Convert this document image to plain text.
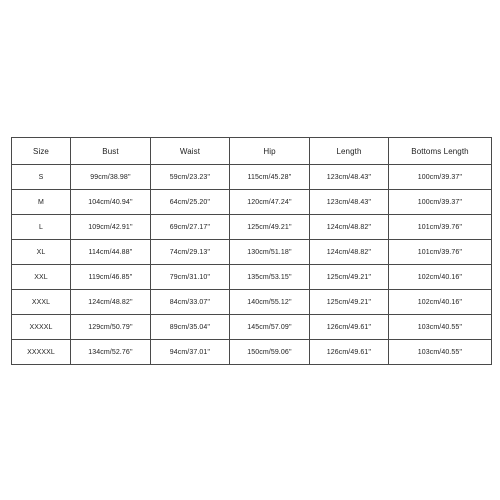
Size	Bust	Waist	Hip	Length	Bottoms Length
S	99cm/38.98''	59cm/23.23''	115cm/45.28''	123cm/48.43''	100cm/39.37''
M	104cm/40.94''	64cm/25.20''	120cm/47.24''	123cm/48.43''	100cm/39.37''
L	109cm/42.91''	69cm/27.17''	125cm/49.21''	124cm/48.82''	101cm/39.76''
XL	114cm/44.88''	74cm/29.13''	130cm/51.18''	124cm/48.82''	101cm/39.76''
XXL	119cm/46.85''	79cm/31.10''	135cm/53.15''	125cm/49.21''	102cm/40.16''
XXXL	124cm/48.82''	84cm/33.07''	140cm/55.12''	125cm/49.21''	102cm/40.16''
XXXXL	129cm/50.79''	89cm/35.04''	145cm/57.09''	126cm/49.61''	103cm/40.55''
XXXXXL	134cm/52.76''	94cm/37.01''	150cm/59.06''	126cm/49.61''	103cm/40.55''
